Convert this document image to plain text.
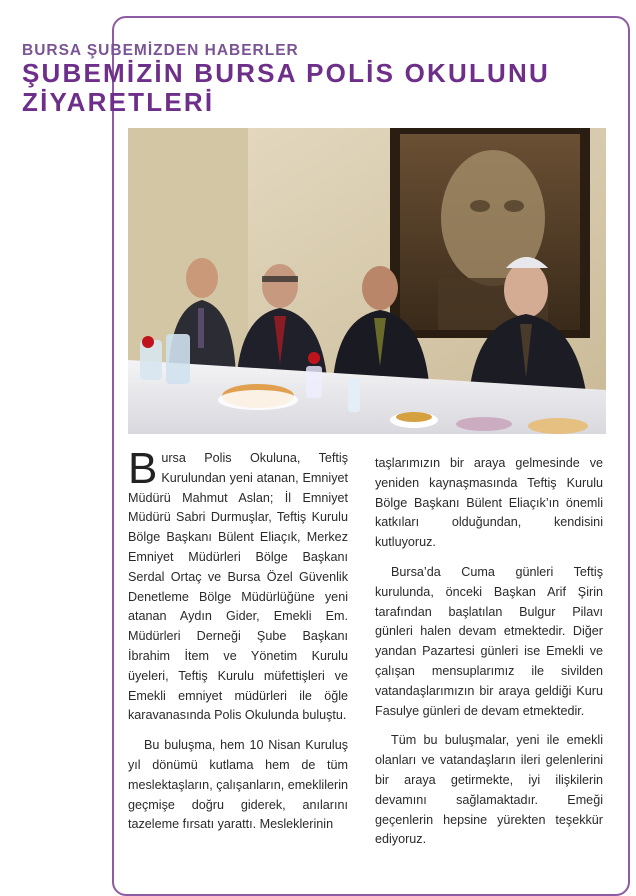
BURSA ŞUBEMİZDEN HABERLER
ŞUBEMİZİN BURSA POLİS OKULUNU
ZİYARETLERİ

Bursa Polis Okuluna, Teftiş Kurulundan yeni atanan, Emniyet Müdürü Mahmut Aslan; İl Emniyet Müdürü Sabri Durmuşlar, Teftiş Kurulu Bölge Başkanı Bülent Eliaçık, Merkez Emniyet Müdürleri Bölge Başkanı Serdal Ortaç ve Bursa Özel Güvenlik Denetleme Bölge Müdürlüğüne yeni atanan Aydın Gider, Emekli Em. Müdürleri Derneği Şube Başkanı İbrahim İtem ve Yönetim Kurulu üyeleri, Teftiş Kurulu müfettişleri ve Emekli emniyet müdürleri ile öğle karavanasında Polis Okulunda buluştu.

Bu buluşma, hem 10 Nisan Kuruluş yıl dönümü kutlama hem de tüm meslektaşların, çalışanların, emeklilerin geçmişe doğru giderek, anılarını tazeleme fırsatı yarattı. Mesleklerinin

taşlarımızın bir araya gelmesinde ve yeniden kaynaşmasında Teftiş Kurulu Bölge Başkanı Bülent Eliaçık’ın önemli katkıları olduğundan, kendisini kutluyoruz.

Bursa’da Cuma günleri Teftiş kurulunda, önceki Başkan Arif Şirin tarafından başlatılan Bulgur Pilavı günleri halen devam etmektedir. Diğer yandan Pazartesi günleri ise Emekli ve çalışan mensuplarımız ile sivilden vatandaşlarımızın bir araya geldiği Kuru Fasulye günleri de devam etmektedir.

Tüm bu buluşmalar, yeni ile emekli olanları ve vatandaşların ileri gelenlerini bir araya getirmekte, iyi ilişkilerin devamını sağlamaktadır. Emeği geçenlerin hepsine yürekten teşekkür ediyoruz.
